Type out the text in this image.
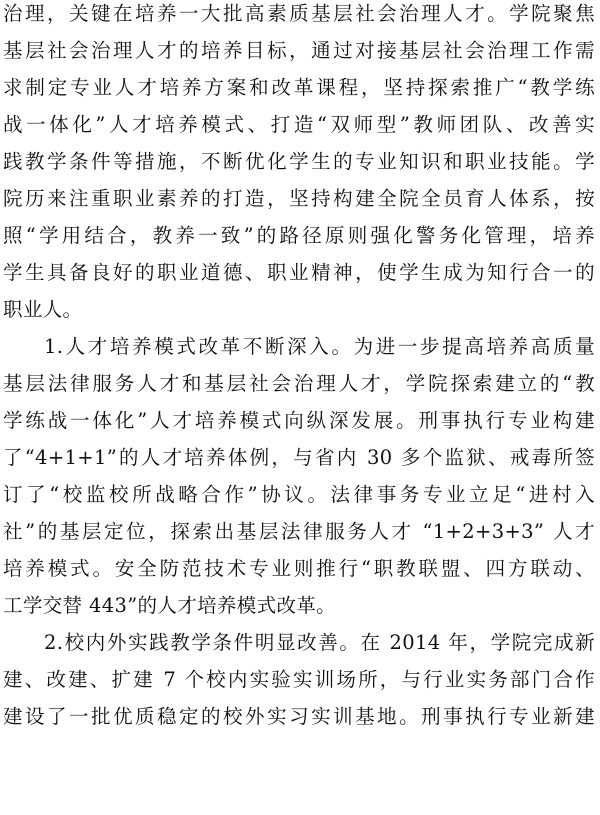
治理，关键在培养一大批高素质基层社会治理人才。学院聚焦
基层社会治理人才的培养目标，通过对接基层社会治理工作需
求制定专业人才培养方案和改革课程，坚持探索推广“教学练
战一体化”人才培养模式、打造“双师型”教师团队、改善实
践教学条件等措施，不断优化学生的专业知识和职业技能。学
院历来注重职业素养的打造，坚持构建全院全员育人体系，按
照“学用结合，教养一致”的路径原则强化警务化管理，培养
学生具备良好的职业道德、职业精神，使学生成为知行合一的
职业人。
1.人才培养模式改革不断深入。为进一步提高培养高质量
基层法律服务人才和基层社会治理人才，学院探索建立的“教
学练战一体化”人才培养模式向纵深发展。刑事执行专业构建
了“4+1+1”的人才培养体例，与省内 30 多个监狱、戒毒所签
订了“校监校所战略合作”协议。法律事务专业立足“进村入
社”的基层定位，探索出基层法律服务人才 “1+2+3+3” 人才
培养模式。安全防范技术专业则推行“职教联盟、四方联动、
工学交替 443”的人才培养模式改革。
2.校内外实践教学条件明显改善。在 2014 年，学院完成新
建、改建、扩建 7 个校内实验实训场所，与行业实务部门合作
建设了一批优质稳定的校外实习实训基地。刑事执行专业新建
